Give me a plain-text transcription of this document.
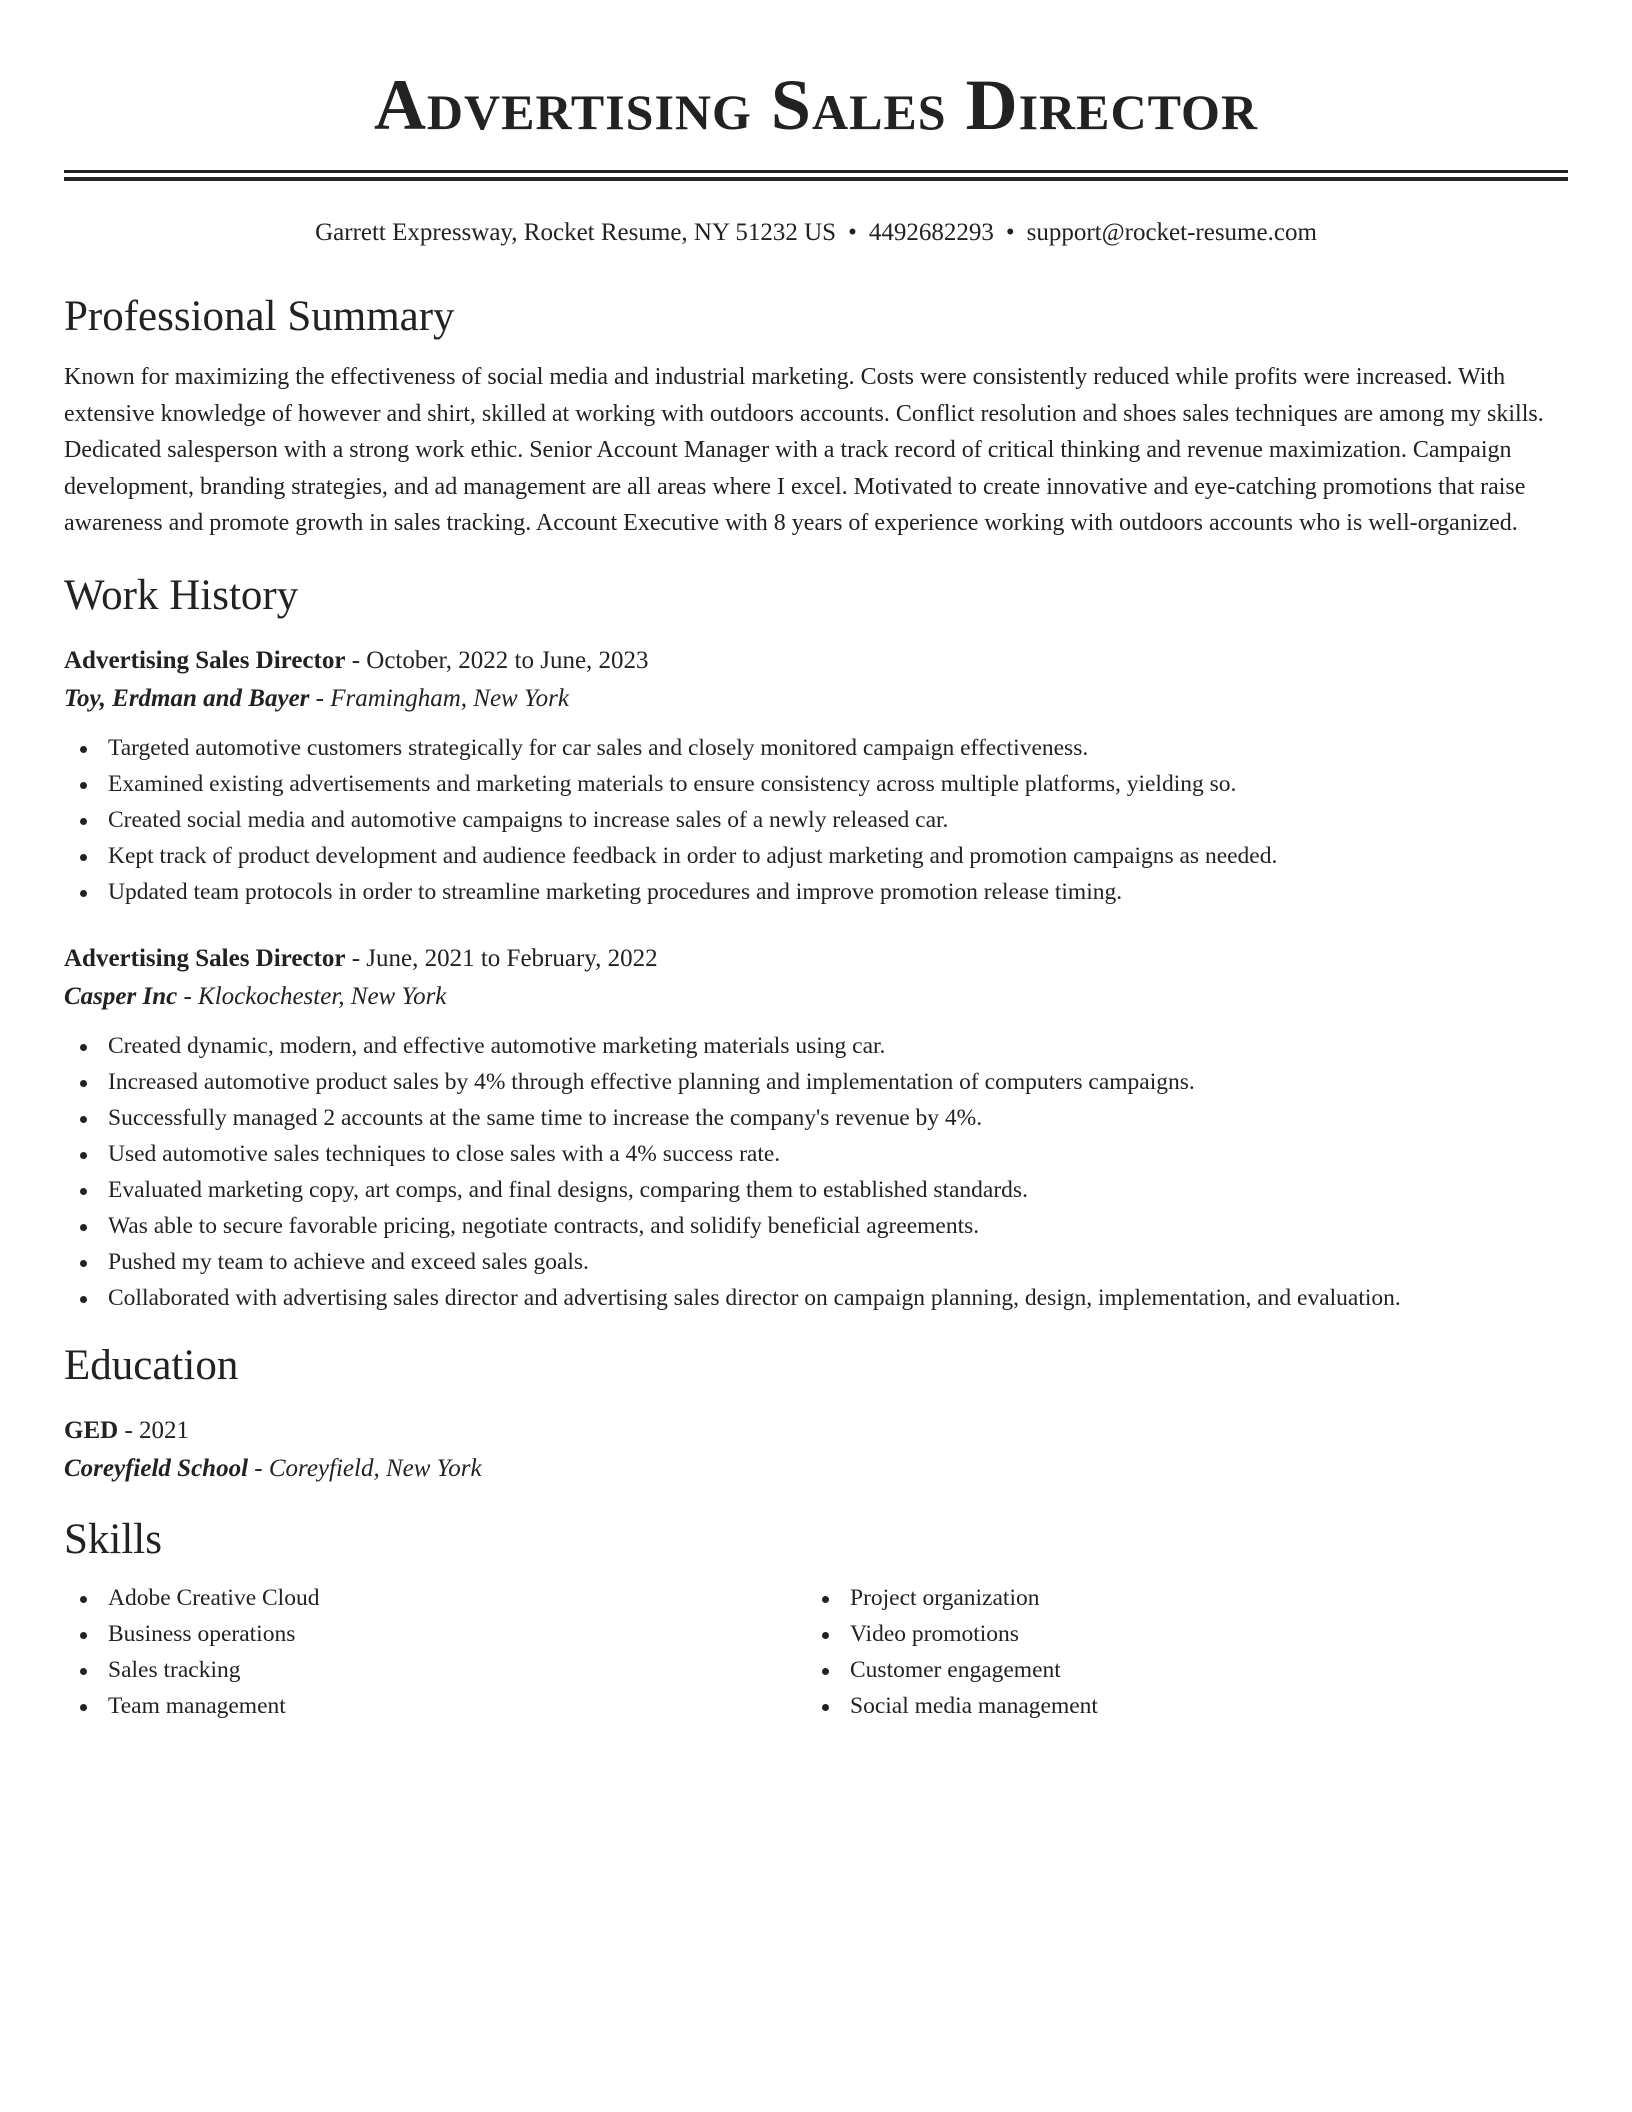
Advertising Sales Director
Garrett Expressway, Rocket Resume, NY 51232 US • 4492682293 • support@rocket-resume.com
Professional Summary

Known for maximizing the effectiveness of social media and industrial marketing. Costs were consistently reduced while profits were increased. With extensive knowledge of however and shirt, skilled at working with outdoors accounts. Conflict resolution and shoes sales techniques are among my skills. Dedicated salesperson with a strong work ethic. Senior Account Manager with a track record of critical thinking and revenue maximization. Campaign development, branding strategies, and ad management are all areas where I excel. Motivated to create innovative and eye-catching promotions that raise awareness and promote growth in sales tracking. Account Executive with 8 years of experience working with outdoors accounts who is well-organized.

Work History
Advertising Sales Director - October, 2022 to June, 2023
Toy, Erdman and Bayer - Framingham, New York
Targeted automotive customers strategically for car sales and closely monitored campaign effectiveness.
Examined existing advertisements and marketing materials to ensure consistency across multiple platforms, yielding so.
Created social media and automotive campaigns to increase sales of a newly released car.
Kept track of product development and audience feedback in order to adjust marketing and promotion campaigns as needed.
Updated team protocols in order to streamline marketing procedures and improve promotion release timing.
Advertising Sales Director - June, 2021 to February, 2022
Casper Inc - Klockochester, New York
Created dynamic, modern, and effective automotive marketing materials using car.
Increased automotive product sales by 4% through effective planning and implementation of computers campaigns.
Successfully managed 2 accounts at the same time to increase the company's revenue by 4%.
Used automotive sales techniques to close sales with a 4% success rate.
Evaluated marketing copy, art comps, and final designs, comparing them to established standards.
Was able to secure favorable pricing, negotiate contracts, and solidify beneficial agreements.
Pushed my team to achieve and exceed sales goals.
Collaborated with advertising sales director and advertising sales director on campaign planning, design, implementation, and evaluation.
Education
GED - 2021
Coreyfield School - Coreyfield, New York
Skills
Adobe Creative Cloud
Business operations
Sales tracking
Team management
Project organization
Video promotions
Customer engagement
Social media management
